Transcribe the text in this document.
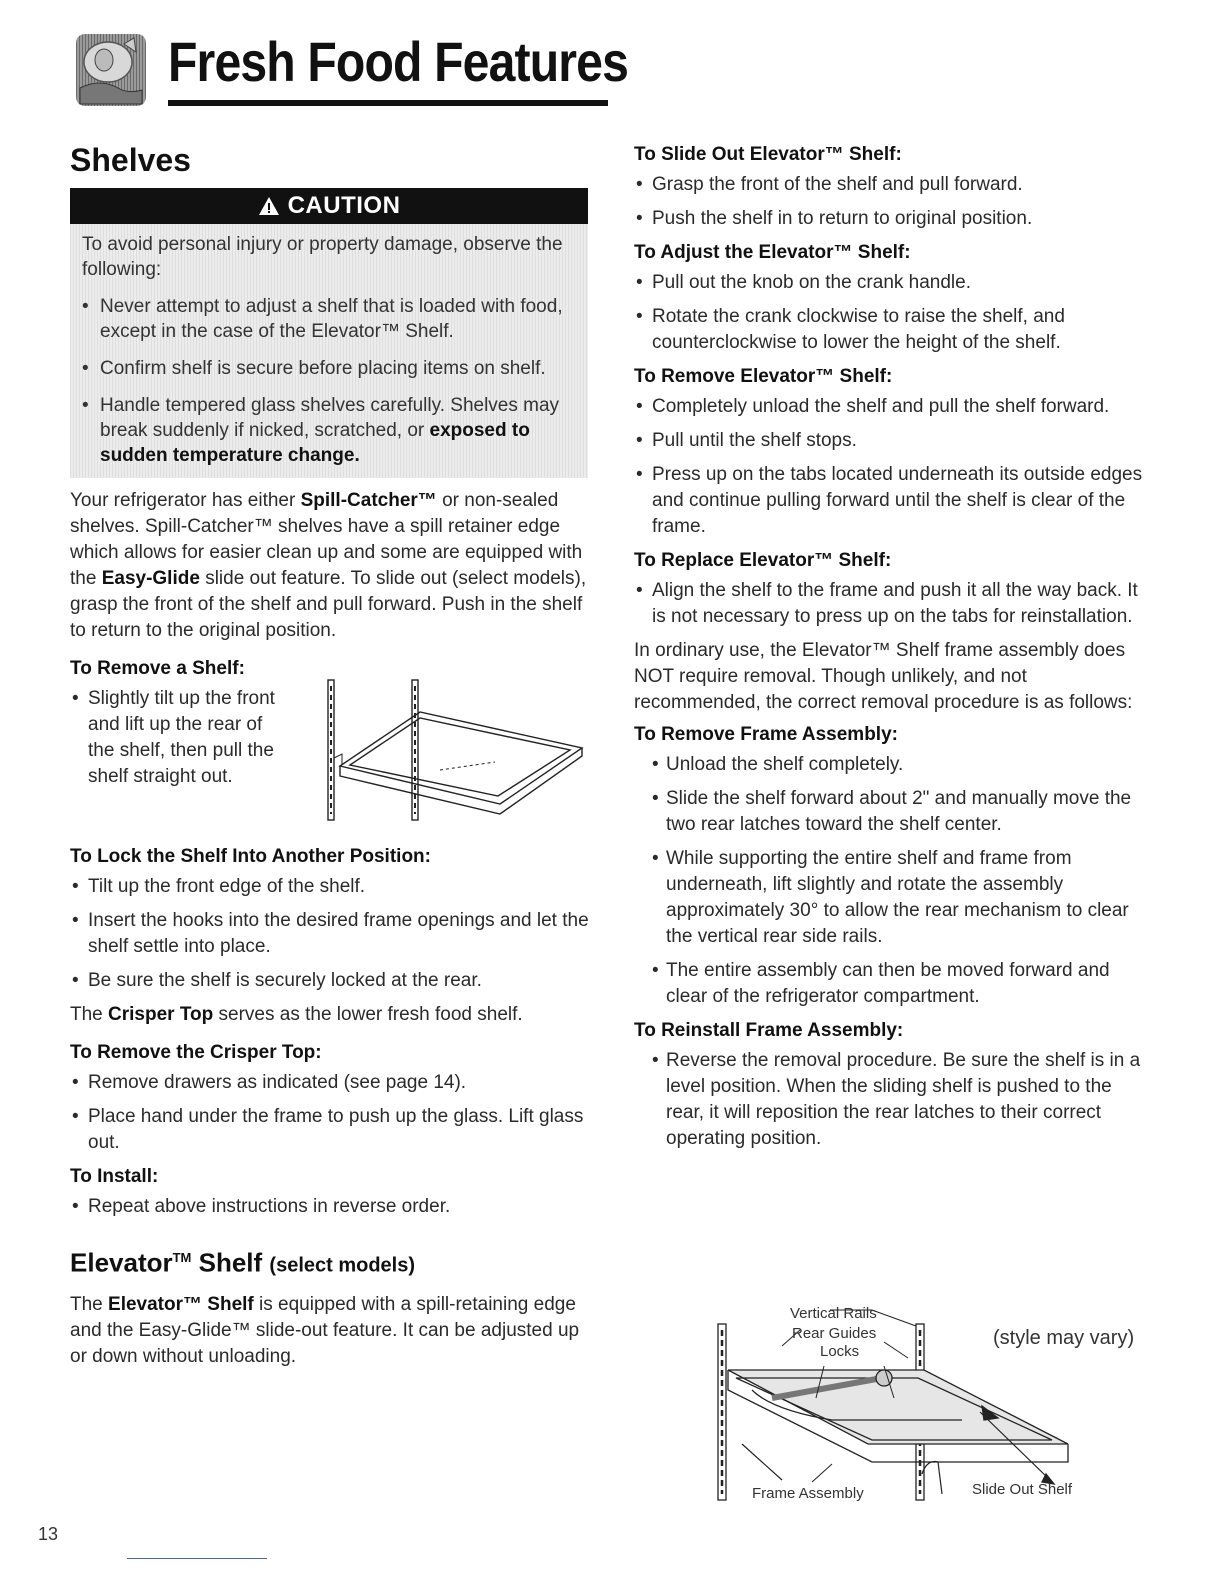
Fresh Food Features
Shelves
CAUTION

To avoid personal injury or property damage, observe the following:

• Never attempt to adjust a shelf that is loaded with food, except in the case of the Elevator™ Shelf.
• Confirm shelf is secure before placing items on shelf.
• Handle tempered glass shelves carefully. Shelves may break suddenly if nicked, scratched, or exposed to sudden temperature change.

Your refrigerator has either Spill-Catcher™ or non-sealed shelves. Spill-Catcher™ shelves have a spill retainer edge which allows for easier clean up and some are equipped with the Easy-Glide slide out feature. To slide out (select models), grasp the front of the shelf and pull forward. Push in the shelf to return to the original position.

To Remove a Shelf:
• Slightly tilt up the front and lift up the rear of the shelf, then pull the shelf straight out.
To Lock the Shelf Into Another Position:
• Tilt up the front edge of the shelf.
• Insert the hooks into the desired frame openings and let the shelf settle into place.
• Be sure the shelf is securely locked at the rear.

The Crisper Top serves as the lower fresh food shelf.

To Remove the Crisper Top:
• Remove drawers as indicated (see page 14).
• Place hand under the frame to push up the glass. Lift glass out.
To Install:
• Repeat above instructions in reverse order.
Elevator™ Shelf (select models)

The Elevator™ Shelf is equipped with a spill-retaining edge and the Easy-Glide™ slide-out feature. It can be adjusted up or down without unloading.

To Slide Out Elevator™ Shelf:
• Grasp the front of the shelf and pull forward.
• Push the shelf in to return to original position.
To Adjust the Elevator™ Shelf:
• Pull out the knob on the crank handle.
• Rotate the crank clockwise to raise the shelf, and counterclockwise to lower the height of the shelf.
To Remove Elevator™ Shelf:
• Completely unload the shelf and pull the shelf forward.
• Pull until the shelf stops.
• Press up on the tabs located underneath its outside edges and continue pulling forward until the shelf is clear of the frame.
To Replace Elevator™ Shelf:
• Align the shelf to the frame and push it all the way back. It is not necessary to press up on the tabs for reinstallation.

In ordinary use, the Elevator™ Shelf frame assembly does NOT require removal. Though unlikely, and not recommended, the correct removal procedure is as follows:

To Remove Frame Assembly:
• Unload the shelf completely.
• Slide the shelf forward about 2" and manually move the two rear latches toward the shelf center.
• While supporting the entire shelf and frame from underneath, lift slightly and rotate the assembly approximately 30° to allow the rear mechanism to clear the vertical rear side rails.
• The entire assembly can then be moved forward and clear of the refrigerator compartment.
To Reinstall Frame Assembly:
• Reverse the removal procedure. Be sure the shelf is in a level position. When the sliding shelf is pushed to the rear, it will reposition the rear latches to their correct operating position.
Vertical Rails
Rear Guides
Locks
Frame Assembly	Slide Out Shelf
(style may vary)
13
